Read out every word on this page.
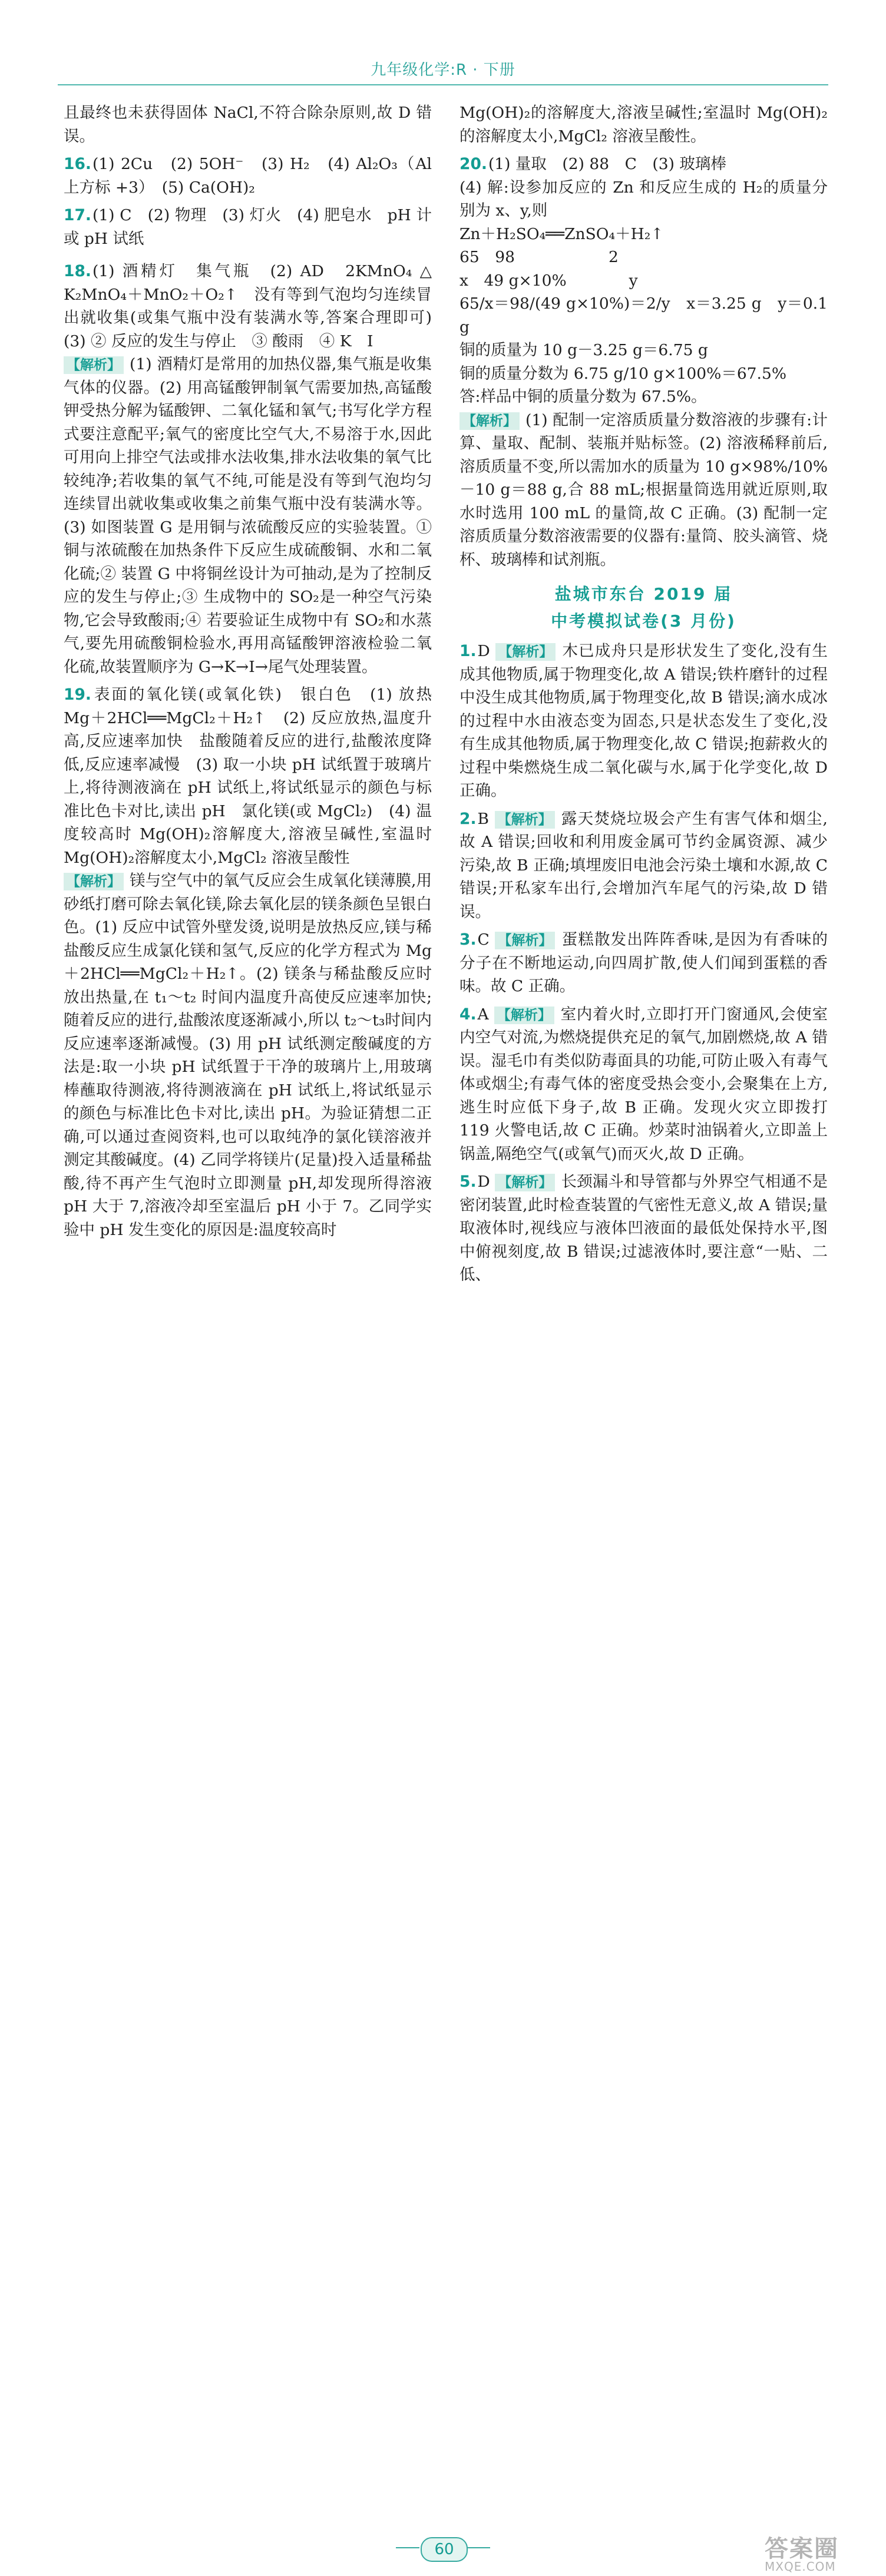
九年级化学:R · 下册

且最终也未获得固体 NaCl,不符合除杂原则,故 D 错误。

16.(1) 2Cu　(2) 5OH⁻　(3) H₂　(4) Al₂O₃（Al 上方标 +3）　(5) Ca(OH)₂

17.(1) C　(2) 物理　(3) 灯火　(4) 肥皂水　pH 计或 pH 试纸

18.(1) 酒精灯　集气瓶　(2) AD　2KMnO₄ △ K₂MnO₄＋MnO₂＋O₂↑　没有等到气泡均匀连续冒出就收集(或集气瓶中没有装满水等,答案合理即可)　(3) ② 反应的发生与停止　③ 酸雨　④ K　I

【解析】 (1) 酒精灯是常用的加热仪器,集气瓶是收集气体的仪器。(2) 用高锰酸钾制氧气需要加热,高锰酸钾受热分解为锰酸钾、二氧化锰和氧气;书写化学方程式要注意配平;氧气的密度比空气大,不易溶于水,因此可用向上排空气法或排水法收集,排水法收集的氧气比较纯净;若收集的氧气不纯,可能是没有等到气泡均匀连续冒出就收集或收集之前集气瓶中没有装满水等。(3) 如图装置 G 是用铜与浓硫酸反应的实验装置。① 铜与浓硫酸在加热条件下反应生成硫酸铜、水和二氧化硫;② 装置 G 中将铜丝设计为可抽动,是为了控制反应的发生与停止;③ 生成物中的 SO₂是一种空气污染物,它会导致酸雨;④ 若要验证生成物中有 SO₂和水蒸气,要先用硫酸铜检验水,再用高锰酸钾溶液检验二氧化硫,故装置顺序为 G→K→I→尾气处理装置。

19.表面的氧化镁(或氧化铁)　银白色　(1) 放热　Mg＋2HCl══MgCl₂＋H₂↑　(2) 反应放热,温度升高,反应速率加快　盐酸随着反应的进行,盐酸浓度降低,反应速率减慢　(3) 取一小块 pH 试纸置于玻璃片上,将待测液滴在 pH 试纸上,将试纸显示的颜色与标准比色卡对比,读出 pH　氯化镁(或 MgCl₂)　(4) 温度较高时 Mg(OH)₂溶解度大,溶液呈碱性,室温时 Mg(OH)₂溶解度太小,MgCl₂ 溶液呈酸性

【解析】 镁与空气中的氧气反应会生成氧化镁薄膜,用砂纸打磨可除去氧化镁,除去氧化层的镁条颜色呈银白色。(1) 反应中试管外壁发烫,说明是放热反应,镁与稀盐酸反应生成氯化镁和氢气,反应的化学方程式为 Mg＋2HCl══MgCl₂＋H₂↑。(2) 镁条与稀盐酸反应时放出热量,在 t₁～t₂ 时间内温度升高使反应速率加快;随着反应的进行,盐酸浓度逐渐减小,所以 t₂～t₃时间内反应速率逐渐减慢。(3) 用 pH 试纸测定酸碱度的方法是:取一小块 pH 试纸置于干净的玻璃片上,用玻璃棒蘸取待测液,将待测液滴在 pH 试纸上,将试纸显示的颜色与标准比色卡对比,读出 pH。为验证猜想二正确,可以通过查阅资料,也可以取纯净的氯化镁溶液并测定其酸碱度。(4) 乙同学将镁片(足量)投入适量稀盐酸,待不再产生气泡时立即测量 pH,却发现所得溶液 pH 大于 7,溶液冷却至室温后 pH 小于 7。乙同学实验中 pH 发生变化的原因是:温度较高时

Mg(OH)₂的溶解度大,溶液呈碱性;室温时 Mg(OH)₂的溶解度太小,MgCl₂ 溶液呈酸性。

20.(1) 量取　(2) 88　C　(3) 玻璃棒

(4) 解:设参加反应的 Zn 和反应生成的 H₂的质量分别为 x、y,则

Zn＋H₂SO₄══ZnSO₄＋H₂↑

65　98　　　　　　2

x　49 g×10%　　　　y

65/x＝98/(49 g×10%)＝2/y　x＝3.25 g　y＝0.1 g

铜的质量为 10 g－3.25 g＝6.75 g

铜的质量分数为 6.75 g/10 g×100%＝67.5%

答:样品中铜的质量分数为 67.5%。

【解析】 (1) 配制一定溶质质量分数溶液的步骤有:计算、量取、配制、装瓶并贴标签。(2) 溶液稀释前后,溶质质量不变,所以需加水的质量为 10 g×98%/10% －10 g＝88 g,合 88 mL;根据量筒选用就近原则,取水时选用 100 mL 的量筒,故 C 正确。(3) 配制一定溶质质量分数溶液需要的仪器有:量筒、胶头滴管、烧杯、玻璃棒和试剂瓶。

盐城市东台 2019 届
中考模拟试卷(3 月份)

1.D 【解析】 木已成舟只是形状发生了变化,没有生成其他物质,属于物理变化,故 A 错误;铁杵磨针的过程中没生成其他物质,属于物理变化,故 B 错误;滴水成冰的过程中水由液态变为固态,只是状态发生了变化,没有生成其他物质,属于物理变化,故 C 错误;抱薪救火的过程中柴燃烧生成二氧化碳与水,属于化学变化,故 D 正确。

2.B 【解析】 露天焚烧垃圾会产生有害气体和烟尘,故 A 错误;回收和利用废金属可节约金属资源、减少污染,故 B 正确;填埋废旧电池会污染土壤和水源,故 C 错误;开私家车出行,会增加汽车尾气的污染,故 D 错误。

3.C 【解析】 蛋糕散发出阵阵香味,是因为有香味的分子在不断地运动,向四周扩散,使人们闻到蛋糕的香味。故 C 正确。

4.A 【解析】 室内着火时,立即打开门窗通风,会使室内空气对流,为燃烧提供充足的氧气,加剧燃烧,故 A 错误。湿毛巾有类似防毒面具的功能,可防止吸入有毒气体或烟尘;有毒气体的密度受热会变小,会聚集在上方,逃生时应低下身子,故 B 正确。发现火灾立即拨打 119 火警电话,故 C 正确。炒菜时油锅着火,立即盖上锅盖,隔绝空气(或氧气)而灭火,故 D 正确。

5.D 【解析】 长颈漏斗和导管都与外界空气相通不是密闭装置,此时检查装置的气密性无意义,故 A 错误;量取液体时,视线应与液体凹液面的最低处保持水平,图中俯视刻度,故 B 错误;过滤液体时,要注意“一贴、二低、

60	答案圈
MXQE.COM
